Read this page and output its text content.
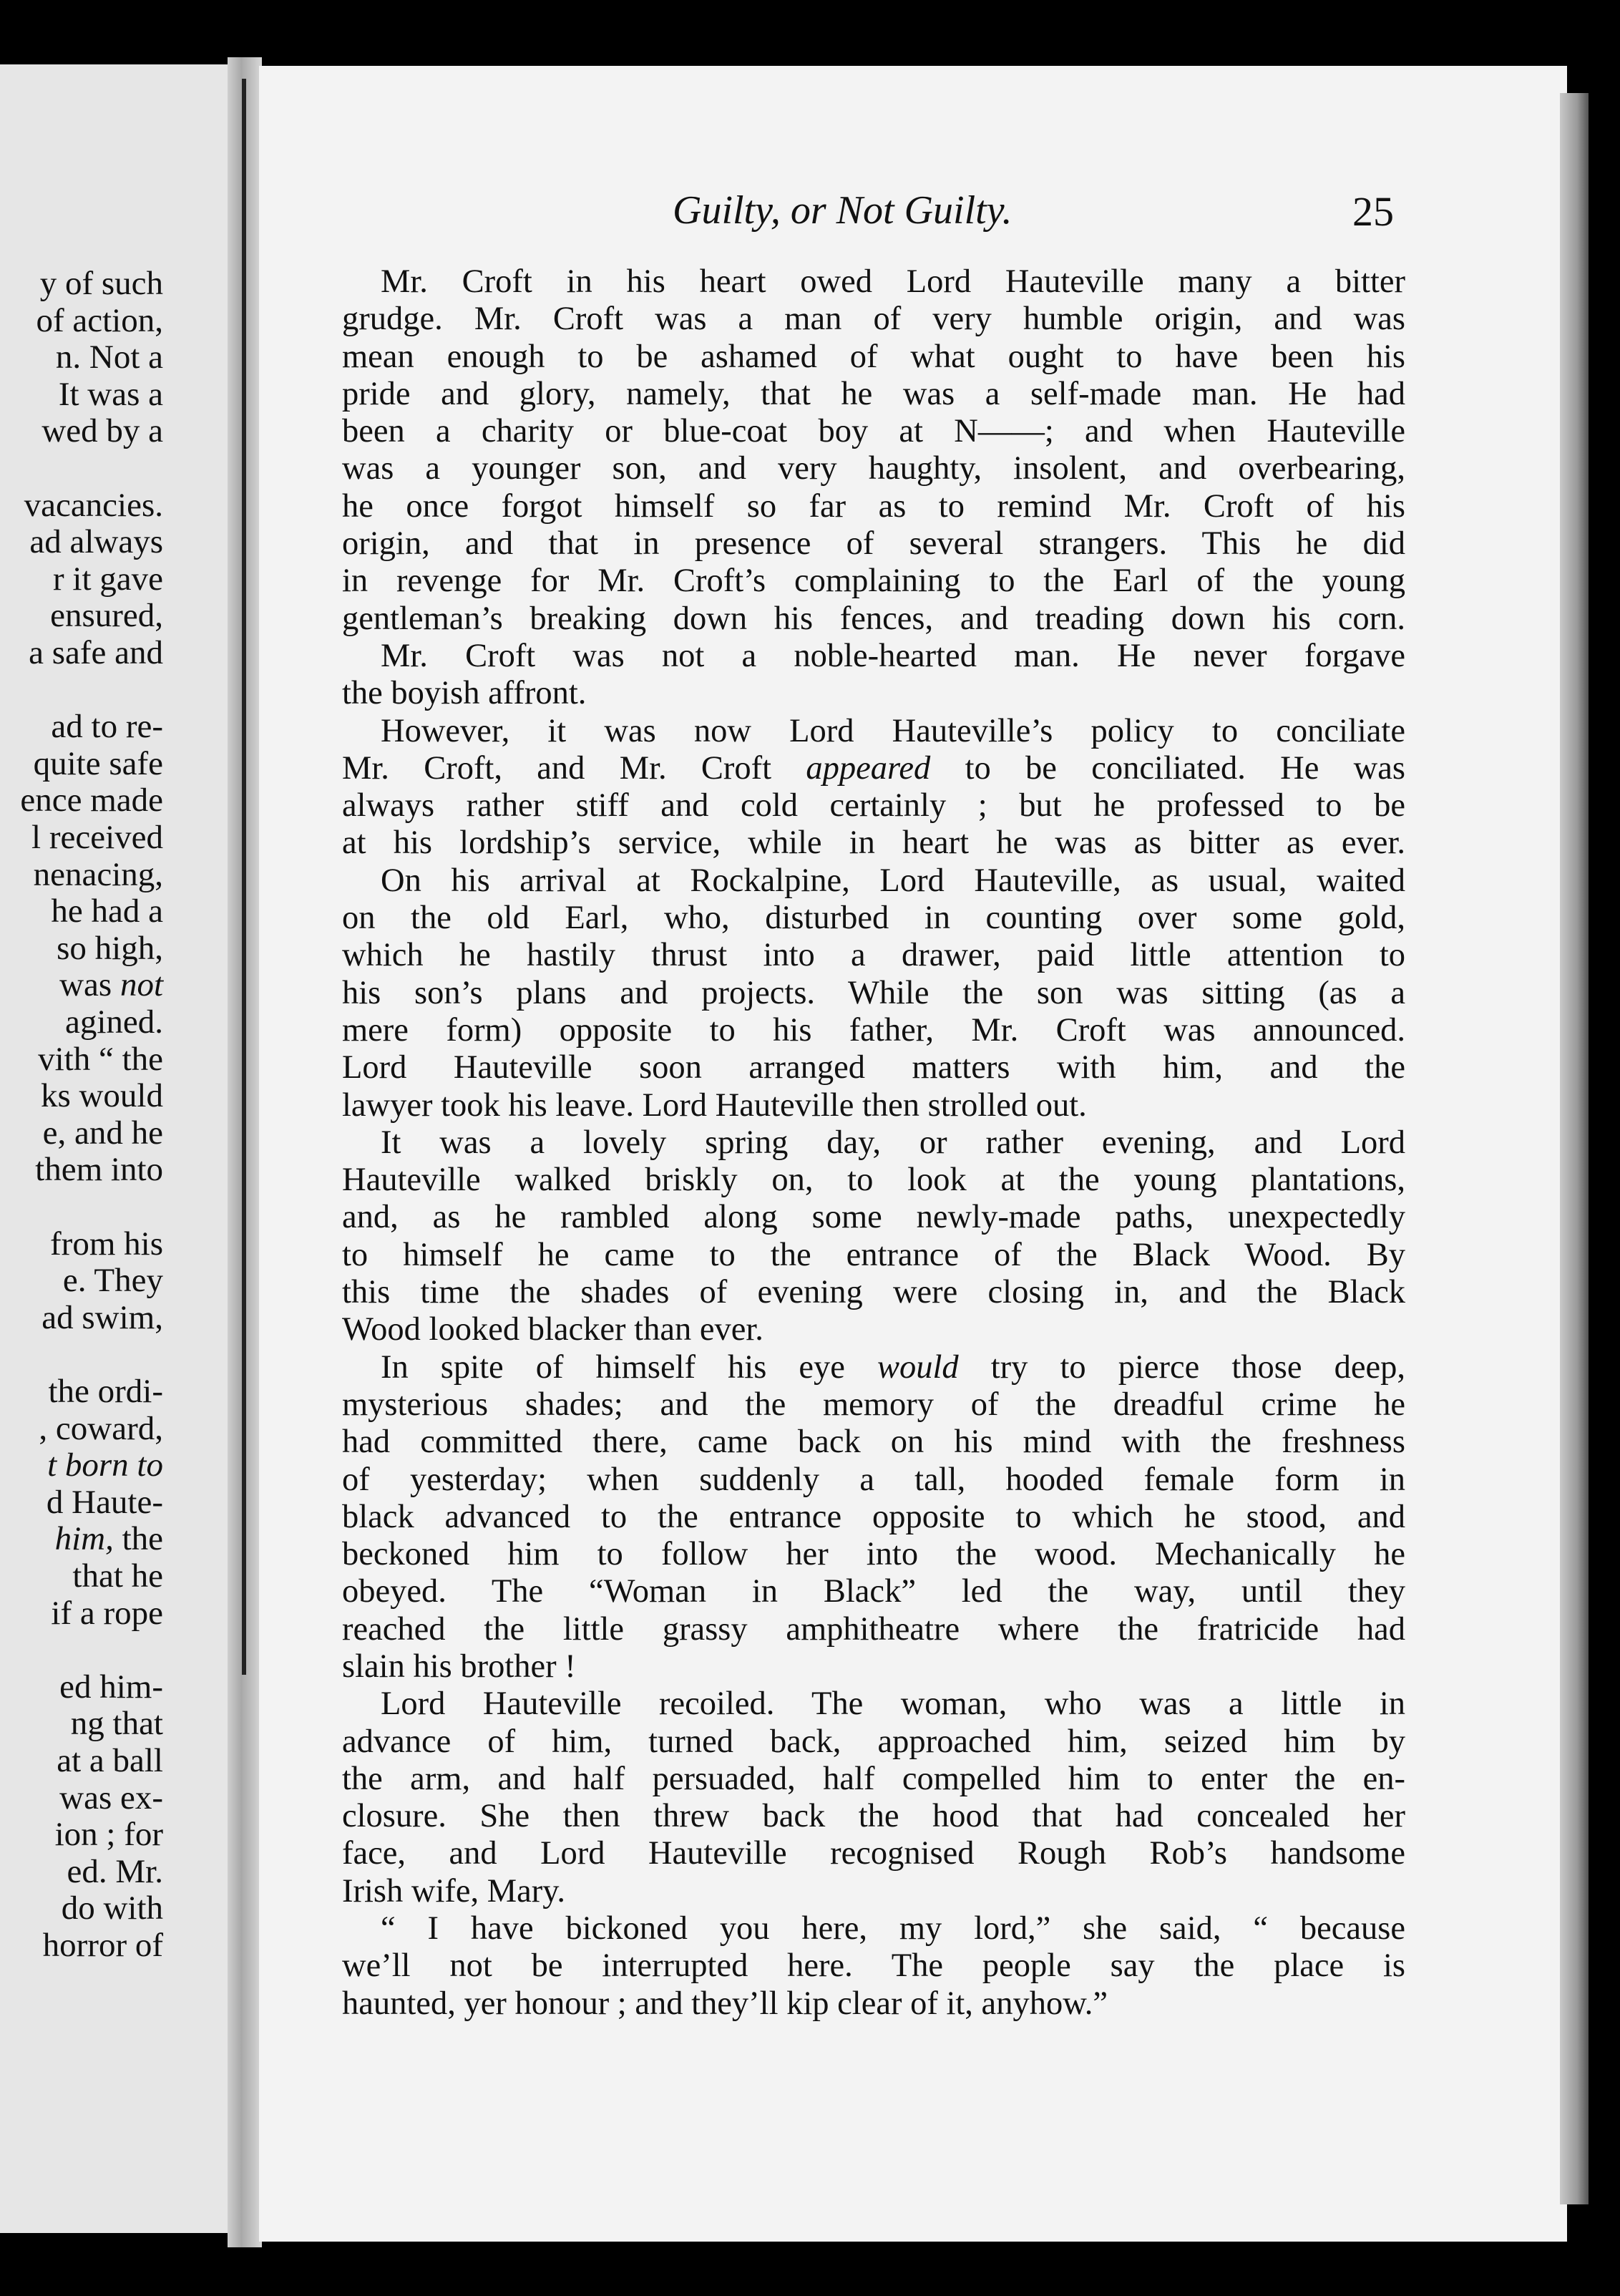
y of such
of action,
n. Not a
It was a
wed by a
vacancies.
ad always
r it gave
ensured,
a safe and
ad to re-
quite safe
ence made
l received
nenacing,
he had a
so high,
was not
agined.
vith “ the
ks would
e, and he
them into
from his
e. They
ad swim,
the ordi-
, coward,
t born to
d Haute-
him, the
that he
if a rope
ed him-
ng that
at a ball
was ex-
ion ; for
ed. Mr.
do with
horror of
Guilty, or Not Guilty.	25
Mr. Croft in his heart owed Lord Hauteville many a bitter
grudge. Mr. Croft was a man of very humble origin, and was
mean enough to be ashamed of what ought to have been his
pride and glory, namely, that he was a self-made man. He had
been a charity or blue-coat boy at N——; and when Hauteville
was a younger son, and very haughty, insolent, and overbearing,
he once forgot himself so far as to remind Mr. Croft of his
origin, and that in presence of several strangers. This he did
in revenge for Mr. Croft’s complaining to the Earl of the young
gentleman’s breaking down his fences, and treading down his corn.
Mr. Croft was not a noble-hearted man. He never forgave
the boyish affront.
However, it was now Lord Hauteville’s policy to conciliate
Mr. Croft, and Mr. Croft appeared to be conciliated. He was
always rather stiff and cold certainly ; but he professed to be
at his lordship’s service, while in heart he was as bitter as ever.
On his arrival at Rockalpine, Lord Hauteville, as usual, waited
on the old Earl, who, disturbed in counting over some gold,
which he hastily thrust into a drawer, paid little attention to
his son’s plans and projects. While the son was sitting (as a
mere form) opposite to his father, Mr. Croft was announced.
Lord Hauteville soon arranged matters with him, and the
lawyer took his leave. Lord Hauteville then strolled out.
It was a lovely spring day, or rather evening, and Lord
Hauteville walked briskly on, to look at the young plantations,
and, as he rambled along some newly-made paths, unexpectedly
to himself he came to the entrance of the Black Wood. By
this time the shades of evening were closing in, and the Black
Wood looked blacker than ever.
In spite of himself his eye would try to pierce those deep,
mysterious shades; and the memory of the dreadful crime he
had committed there, came back on his mind with the freshness
of yesterday; when suddenly a tall, hooded female form in
black advanced to the entrance opposite to which he stood, and
beckoned him to follow her into the wood. Mechanically he
obeyed. The “Woman in Black” led the way, until they
reached the little grassy amphitheatre where the fratricide had
slain his brother !
Lord Hauteville recoiled. The woman, who was a little in
advance of him, turned back, approached him, seized him by
the arm, and half persuaded, half compelled him to enter the en-
closure. She then threw back the hood that had concealed her
face, and Lord Hauteville recognised Rough Rob’s handsome
Irish wife, Mary.
“ I have bickoned you here, my lord,” she said, “ because
we’ll not be interrupted here. The people say the place is
haunted, yer honour ; and they’ll kip clear of it, anyhow.”
